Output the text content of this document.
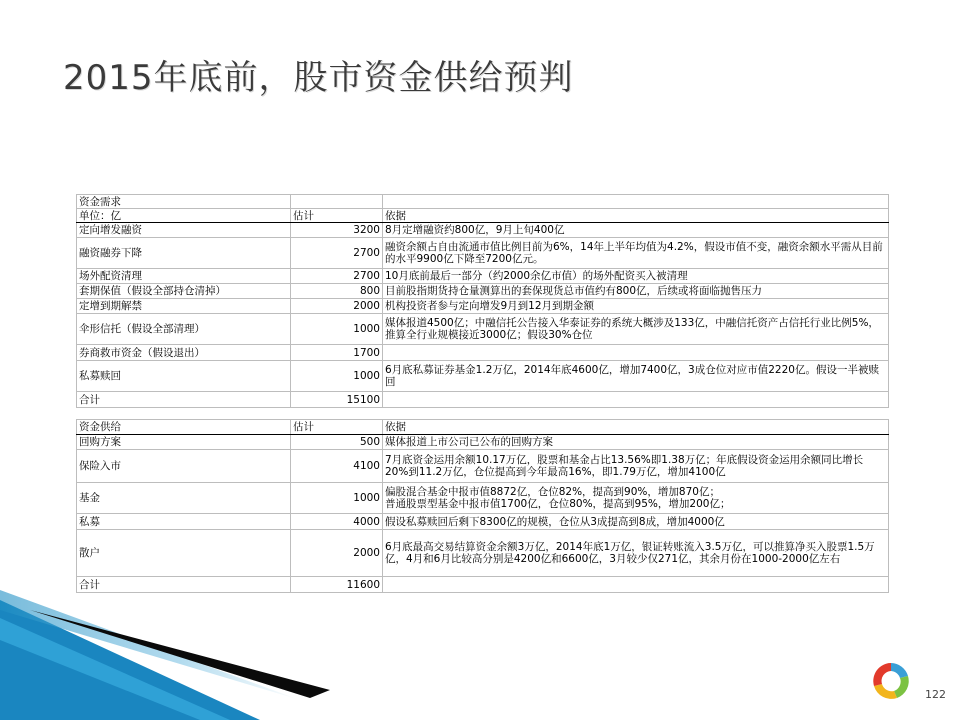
2015年底前，股市资金供给预判
资金需求		
单位：亿	估计	依据
定向增发融资	3200	8月定增融资约800亿，9月上旬400亿
融资融券下降	2700	融资余额占自由流通市值比例目前为6%，14年上半年均值为4.2%，假设市值不变，融资余额水平需从目前的水平9900亿下降至7200亿元。
场外配资清理	2700	10月底前最后一部分（约2000余亿市值）的场外配资买入被清理
套期保值（假设全部持仓清掉）	800	目前股指期货持仓量测算出的套保现货总市值约有800亿，后续或将面临抛售压力
定增到期解禁	2000	机构投资者参与定向增发9月到12月到期金额
伞形信托（假设全部清理）	1000	媒体报道4500亿；中融信托公告接入华泰证券的系统大概涉及133亿，中融信托资产占信托行业比例5%，推算全行业规模接近3000亿；假设30%仓位
券商救市资金（假设退出）	1700	
私募赎回	1000	6月底私募证券基金1.2万亿，2014年底4600亿，增加7400亿，3成仓位对应市值2220亿。假设一半被赎回
合计	15100	

资金供给	估计	依据
回购方案	500	媒体报道上市公司已公布的回购方案
保险入市	4100	7月底资金运用余额10.17万亿，股票和基金占比13.56%即1.38万亿；年底假设资金运用余额同比增长20%到11.2万亿，仓位提高到今年最高16%，即1.79万亿，增加4100亿
基金	1000	偏股混合基金中报市值8872亿，仓位82%，提高到90%，增加870亿；
普通股票型基金中报市值1700亿，仓位80%，提高到95%，增加200亿；
私募	4000	假设私募赎回后剩下8300亿的规模，仓位从3成提高到8成，增加4000亿
散户	2000	6月底最高交易结算资金余额3万亿，2014年底1万亿，银证转账流入3.5万亿，可以推算净买入股票1.5万亿，4月和6月比较高分别是4200亿和6600亿，3月较少仅271亿，其余月份在1000-2000亿左右
合计	11600	
122
